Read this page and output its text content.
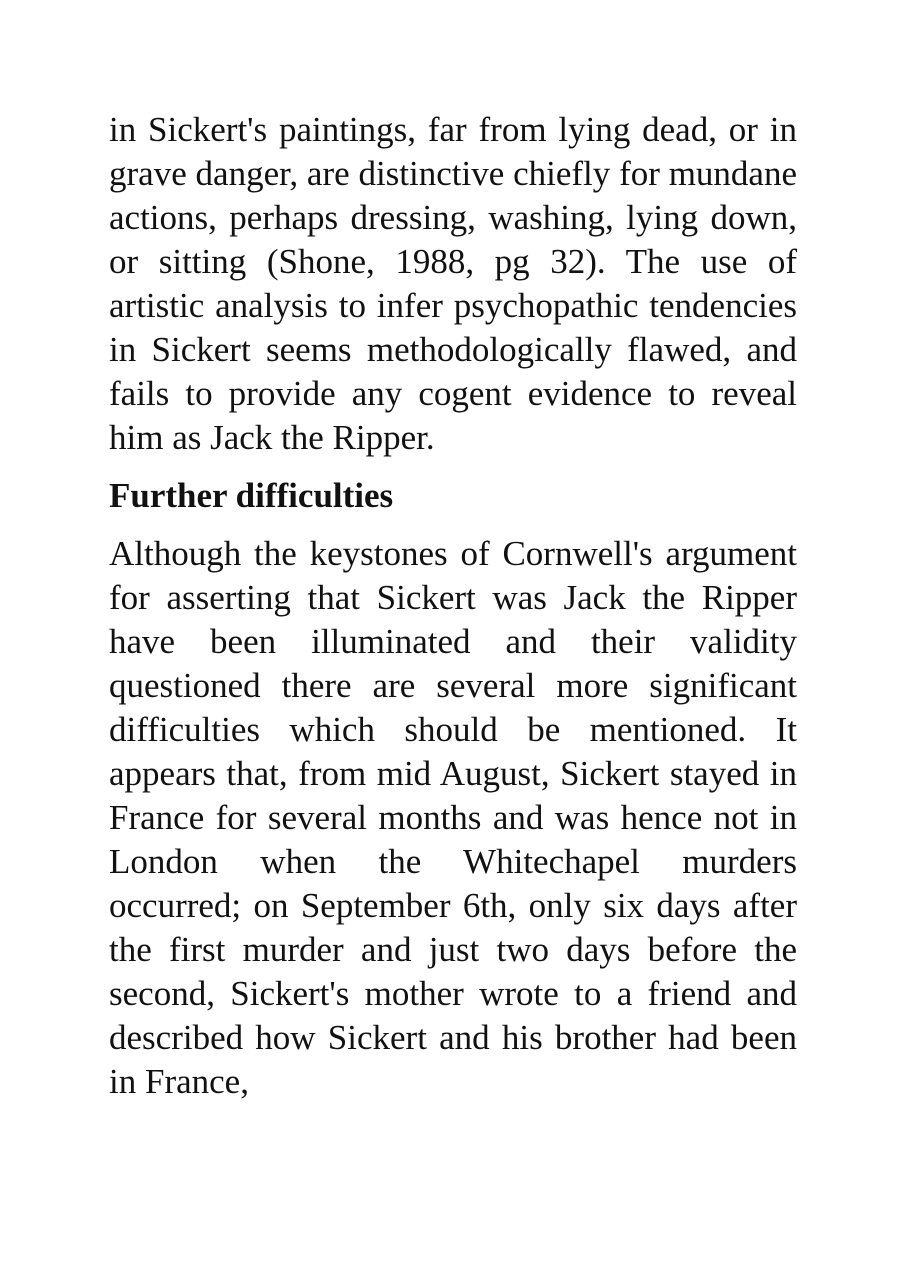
in Sickert's paintings, far from lying dead, or in grave danger, are distinctive chiefly for mundane actions, perhaps dressing, washing, lying down, or sitting (Shone, 1988, pg 32). The use of artistic analysis to infer psychopathic tendencies in Sickert seems methodologically flawed, and fails to provide any cogent evidence to reveal him as Jack the Ripper.

Further difficulties

Although the keystones of Cornwell's argument for asserting that Sickert was Jack the Ripper have been illuminated and their validity questioned there are several more significant difficulties which should be mentioned. It appears that, from mid August, Sickert stayed in France for several months and was hence not in London when the Whitechapel murders occurred; on September 6th, only six days after the first murder and just two days before the second, Sickert's mother wrote to a friend and described how Sickert and his brother had been in France,
